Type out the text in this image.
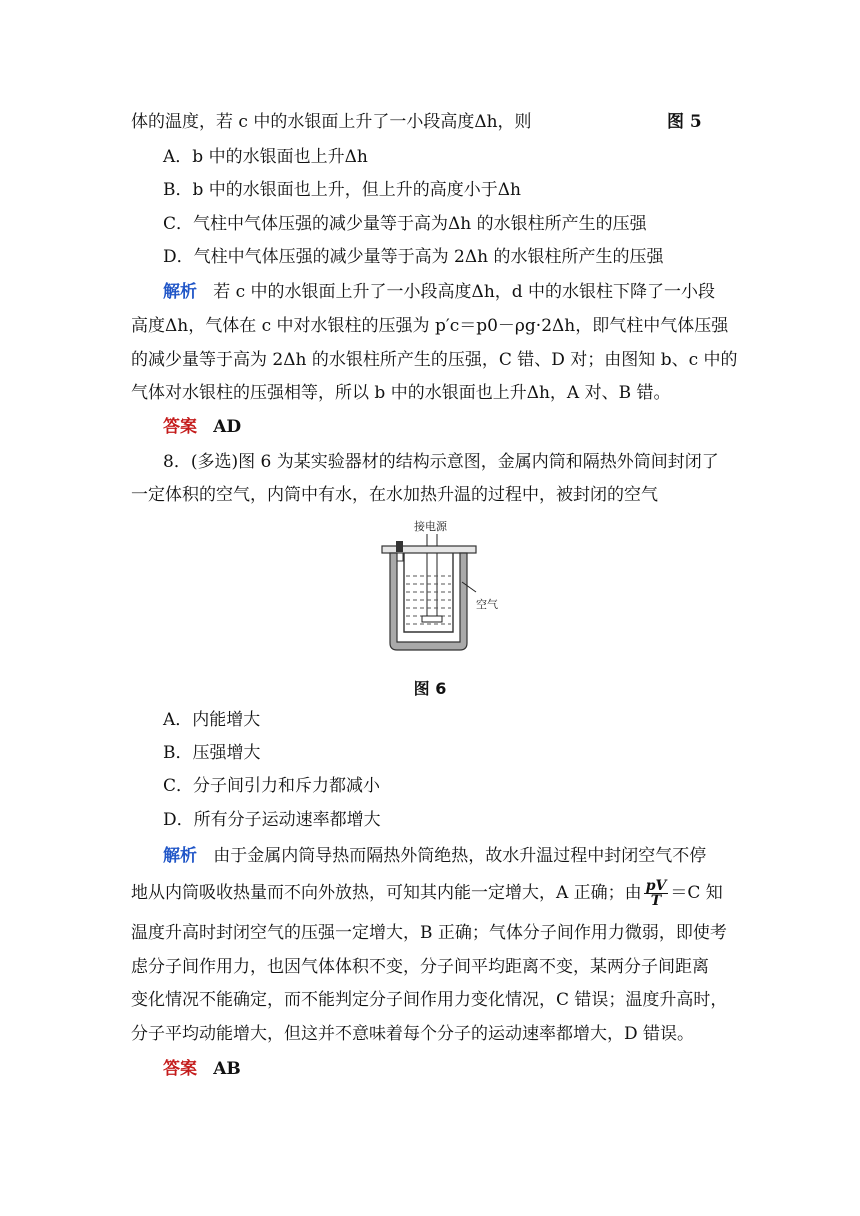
体的温度，若 c 中的水银面上升了一小段高度Δh，则	图 5
A．b 中的水银面也上升Δh
B．b 中的水银面也上升，但上升的高度小于Δh
C．气柱中气体压强的减少量等于高为Δh 的水银柱所产生的压强
D．气柱中气体压强的减少量等于高为 2Δh 的水银柱所产生的压强
解析 若 c 中的水银面上升了一小段高度Δh，d 中的水银柱下降了一小段
高度Δh，气体在 c 中对水银柱的压强为 p′c＝p0－ρg·2Δh，即气柱中气体压强
的减少量等于高为 2Δh 的水银柱所产生的压强，C 错、D 对；由图知 b、c 中的
气体对水银柱的压强相等，所以 b 中的水银面也上升Δh，A 对、B 错。
答案 AD
8．(多选)图 6 为某实验器材的结构示意图，金属内筒和隔热外筒间封闭了
一定体积的空气，内筒中有水，在水加热升温的过程中，被封闭的空气
接电源
空气
图 6
A．内能增大
B．压强增大
C．分子间引力和斥力都减小
D．所有分子运动速率都增大
解析 由于金属内筒导热而隔热外筒绝热，故水升温过程中封闭空气不停
地从内筒吸收热量而不向外放热，可知其内能一定增大，A 正确；由 $\frac{pV}{T} =C$ 知
温度升高时封闭空气的压强一定增大，B 正确；气体分子间作用力微弱，即使考
虑分子间作用力，也因气体体积不变，分子间平均距离不变，某两分子间距离
变化情况不能确定，而不能判定分子间作用力变化情况，C 错误；温度升高时，
分子平均动能增大，但这并不意味着每个分子的运动速率都增大，D 错误。
答案 AB
